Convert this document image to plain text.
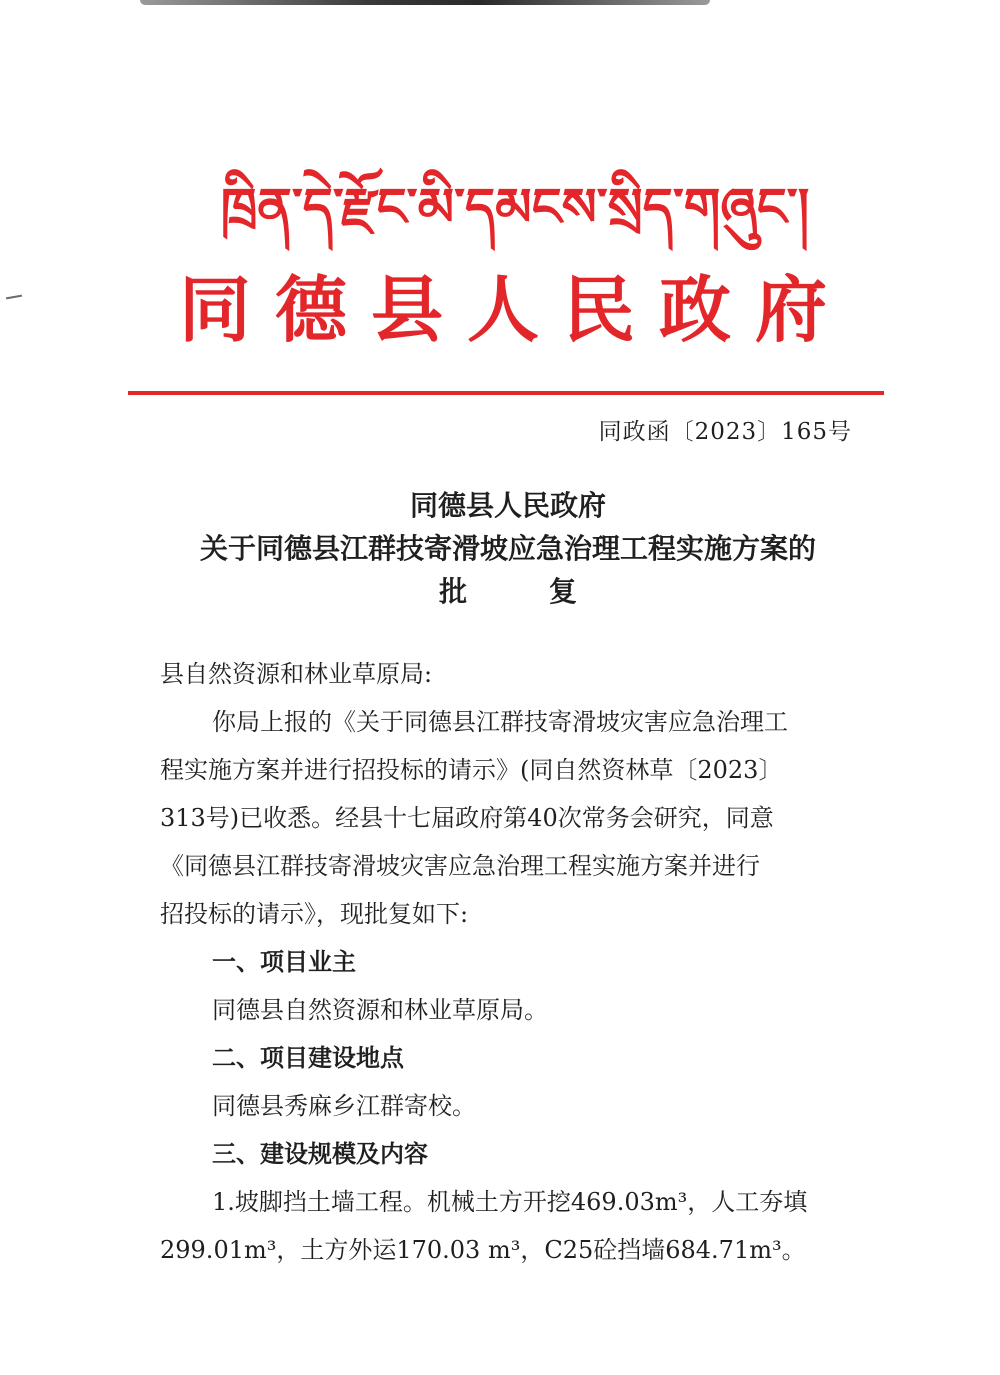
ཁྲིན་དེ་རྫོང་མི་དམངས་སྲིད་གཞུང་།
同德县人民政府
同政函〔2023〕165号
同德县人民政府
关于同德县江群技寄滑坡应急治理工程实施方案的
批 复

县自然资源和林业草原局:

你局上报的《关于同德县江群技寄滑坡灾害应急治理工

程实施方案并进行招投标的请示》(同自然资林草〔2023〕

313号)已收悉。经县十七届政府第40次常务会研究，同意

《同德县江群技寄滑坡灾害应急治理工程实施方案并进行

招投标的请示》，现批复如下:

一、项目业主

同德县自然资源和林业草原局。

二、项目建设地点

同德县秀麻乡江群寄校。

三、建设规模及内容

1.坡脚挡土墙工程。机械土方开挖469.03m³，人工夯填

299.01m³，土方外运170.03 m³，C25砼挡墙684.71m³。
